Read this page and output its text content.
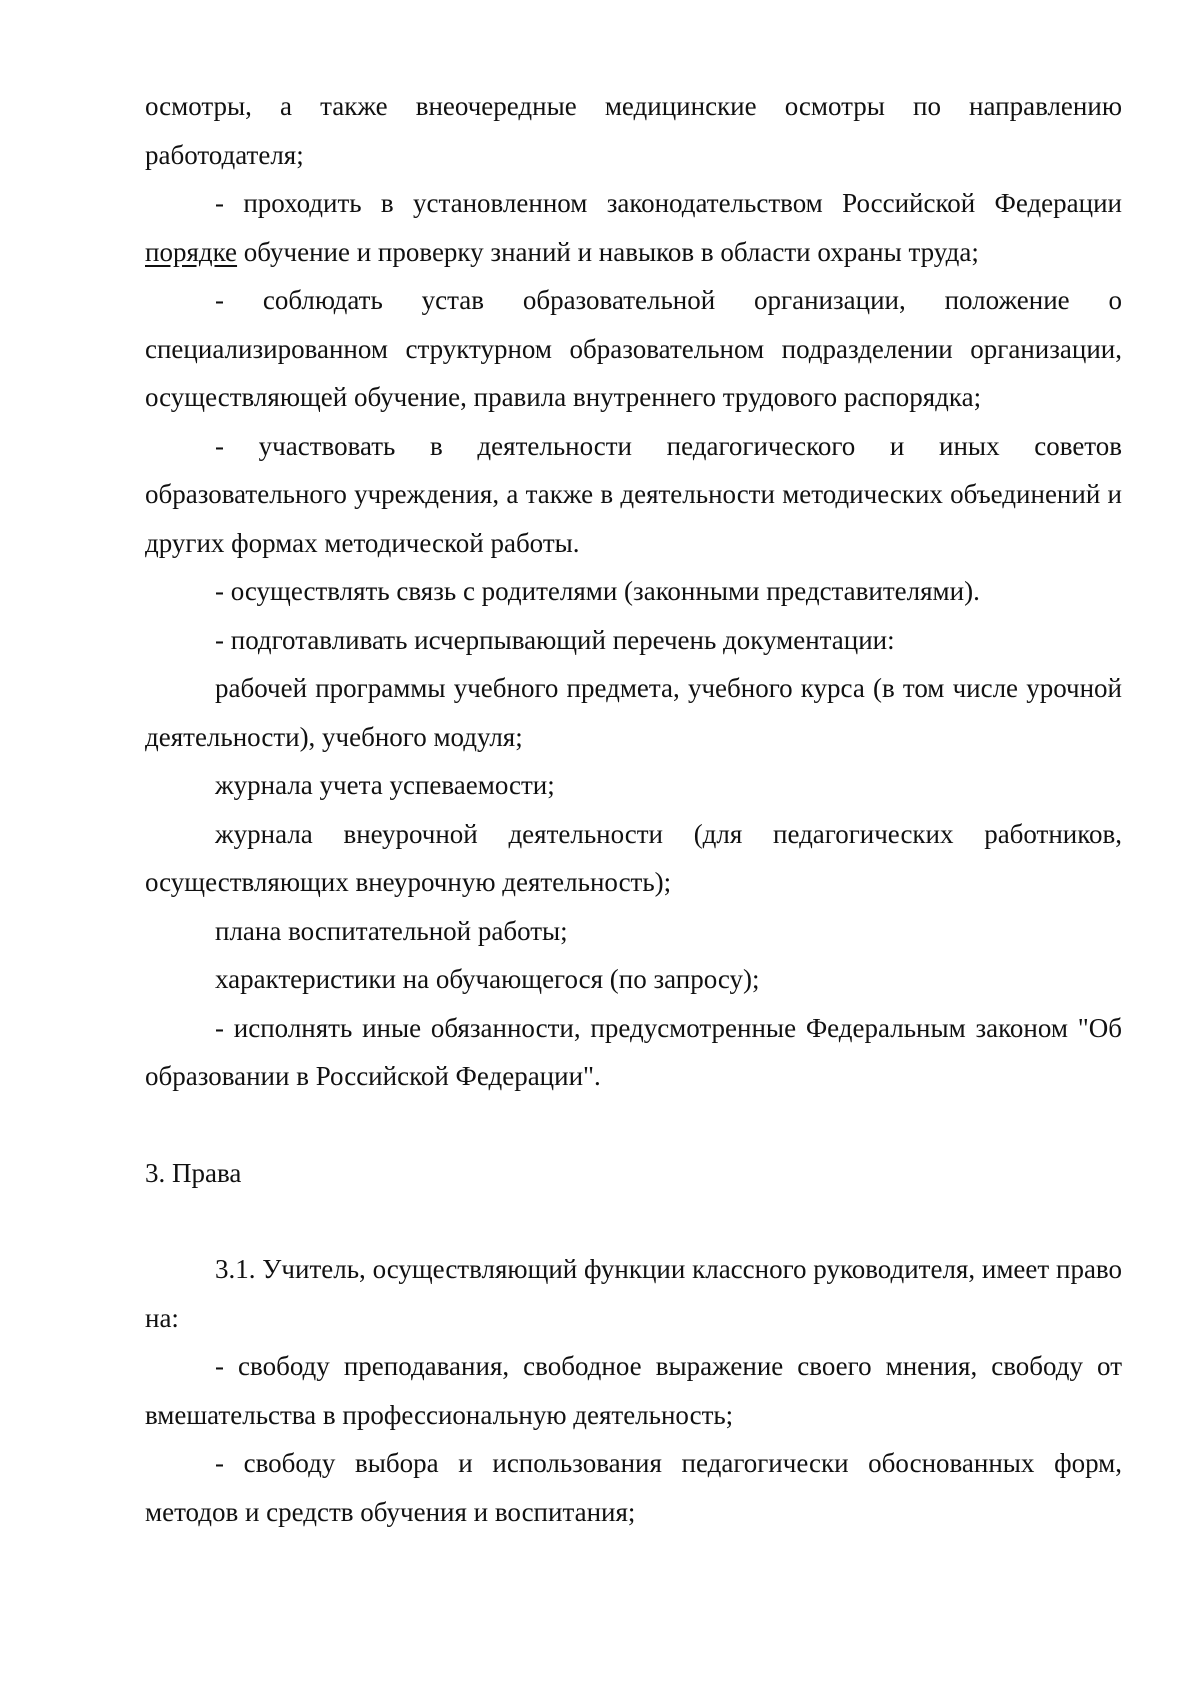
осмотры, а также внеочередные медицинские осмотры по направлению работодателя;

- проходить в установленном законодательством Российской Федерации порядке обучение и проверку знаний и навыков в области охраны труда;

- соблюдать устав образовательной организации, положение о специализированном структурном образовательном подразделении организации, осуществляющей обучение, правила внутреннего трудового распорядка;

- участвовать в деятельности педагогического и иных советов образовательного учреждения, а также в деятельности методических объединений и других формах методической работы.

- осуществлять связь с родителями (законными представителями).

- подготавливать исчерпывающий перечень документации:

рабочей программы учебного предмета, учебного курса (в том числе урочной деятельности), учебного модуля;

журнала учета успеваемости;

журнала внеурочной деятельности (для педагогических работников, осуществляющих внеурочную деятельность);

плана воспитательной работы;

характеристики на обучающегося (по запросу);

- исполнять иные обязанности, предусмотренные Федеральным законом "Об образовании в Российской Федерации".

3. Права

3.1. Учитель, осуществляющий функции классного руководителя, имеет право на:

- свободу преподавания, свободное выражение своего мнения, свободу от вмешательства в профессиональную деятельность;

- свободу выбора и использования педагогически обоснованных форм, методов и средств обучения и воспитания;
